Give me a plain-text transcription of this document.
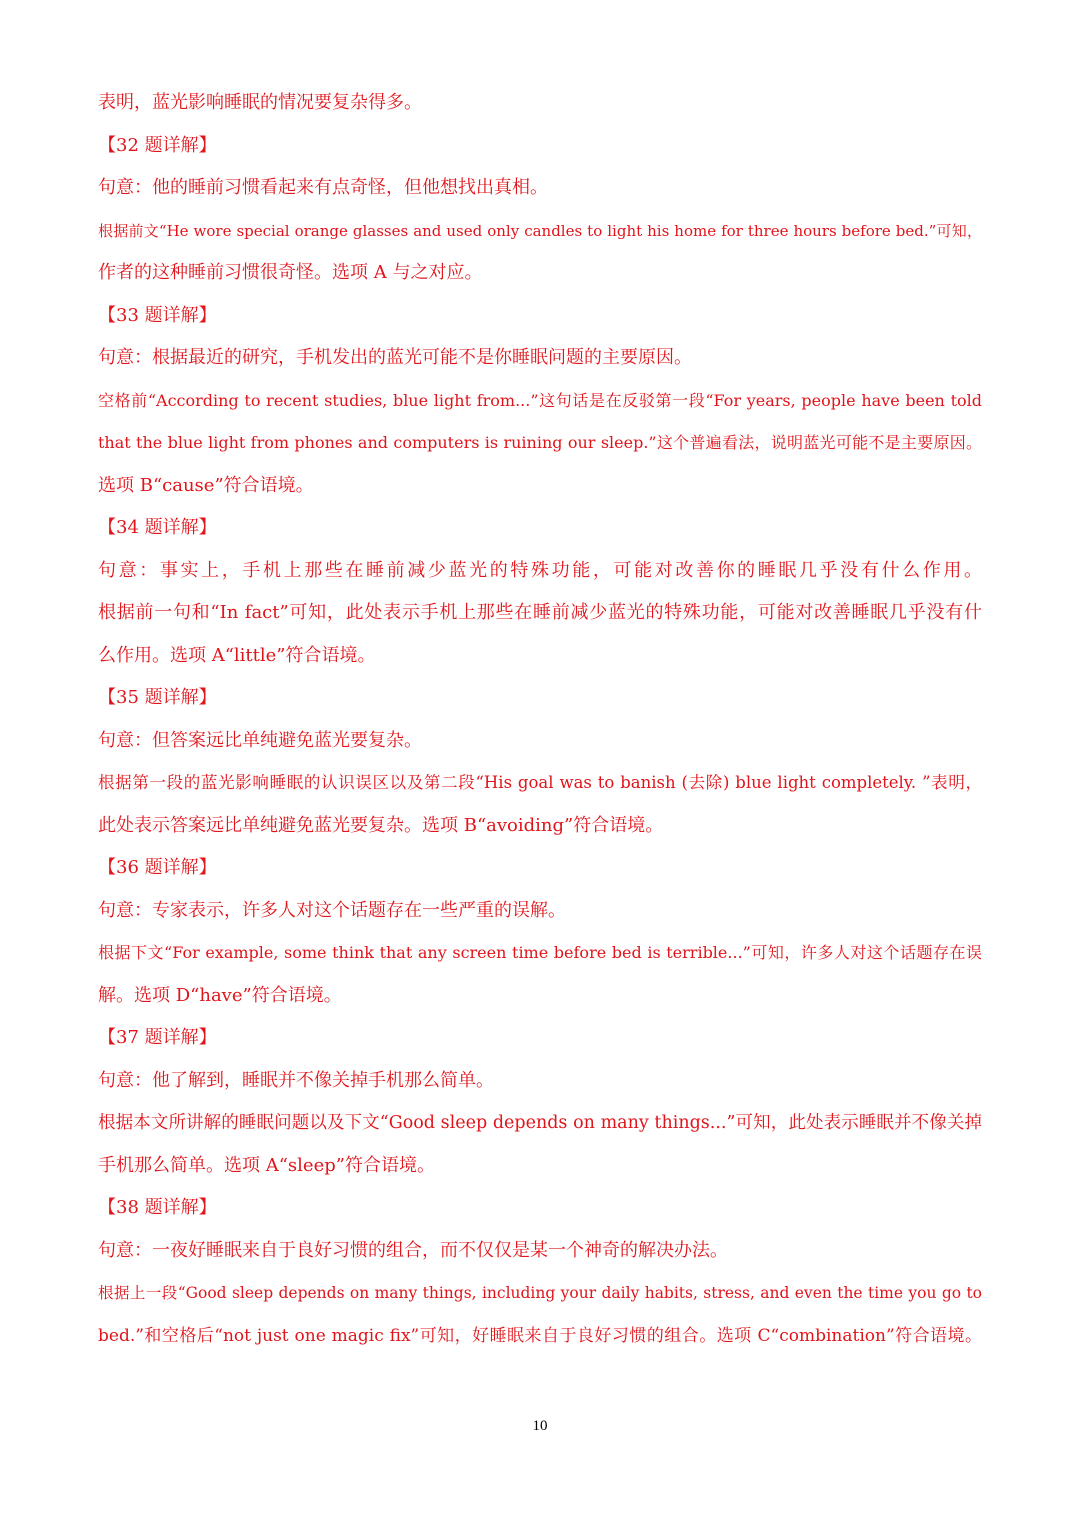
表明，蓝光影响睡眠的情况要复杂得多。
【32 题详解】
句意：他的睡前习惯看起来有点奇怪，但他想找出真相。
根据前文“He wore special orange glasses and used only candles to light his home for three hours before bed.”可知，
作者的这种睡前习惯很奇怪。选项 A 与之对应。
【33 题详解】
句意：根据最近的研究，手机发出的蓝光可能不是你睡眠问题的主要原因。
空格前“According to recent studies, blue light from...”这句话是在反驳第一段“For years, people have been told
that the blue light from phones and computers is ruining our sleep.”这个普遍看法，说明蓝光可能不是主要原因。
选项 B“cause”符合语境。
【34 题详解】
句意：事实上，手机上那些在睡前减少蓝光的特殊功能，可能对改善你的睡眠几乎没有什么作用。
根据前一句和“In fact”可知，此处表示手机上那些在睡前减少蓝光的特殊功能，可能对改善睡眠几乎没有什
么作用。选项 A“little”符合语境。
【35 题详解】
句意：但答案远比单纯避免蓝光要复杂。
根据第一段的蓝光影响睡眠的认识误区以及第二段“His goal was to banish (去除) blue light completely. ”表明，
此处表示答案远比单纯避免蓝光要复杂。选项 B“avoiding”符合语境。
【36 题详解】
句意：专家表示，许多人对这个话题存在一些严重的误解。
根据下文“For example, some think that any screen time before bed is terrible...”可知，许多人对这个话题存在误
解。选项 D“have”符合语境。
【37 题详解】
句意：他了解到，睡眠并不像关掉手机那么简单。
根据本文所讲解的睡眠问题以及下文“Good sleep depends on many things...”可知，此处表示睡眠并不像关掉
手机那么简单。选项 A“sleep”符合语境。
【38 题详解】
句意：一夜好睡眠来自于良好习惯的组合，而不仅仅是某一个神奇的解决办法。
根据上一段“Good sleep depends on many things, including your daily habits, stress, and even the time you go to
bed.”和空格后“not just one magic fix”可知，好睡眠来自于良好习惯的组合。选项 C“combination”符合语境。
10
